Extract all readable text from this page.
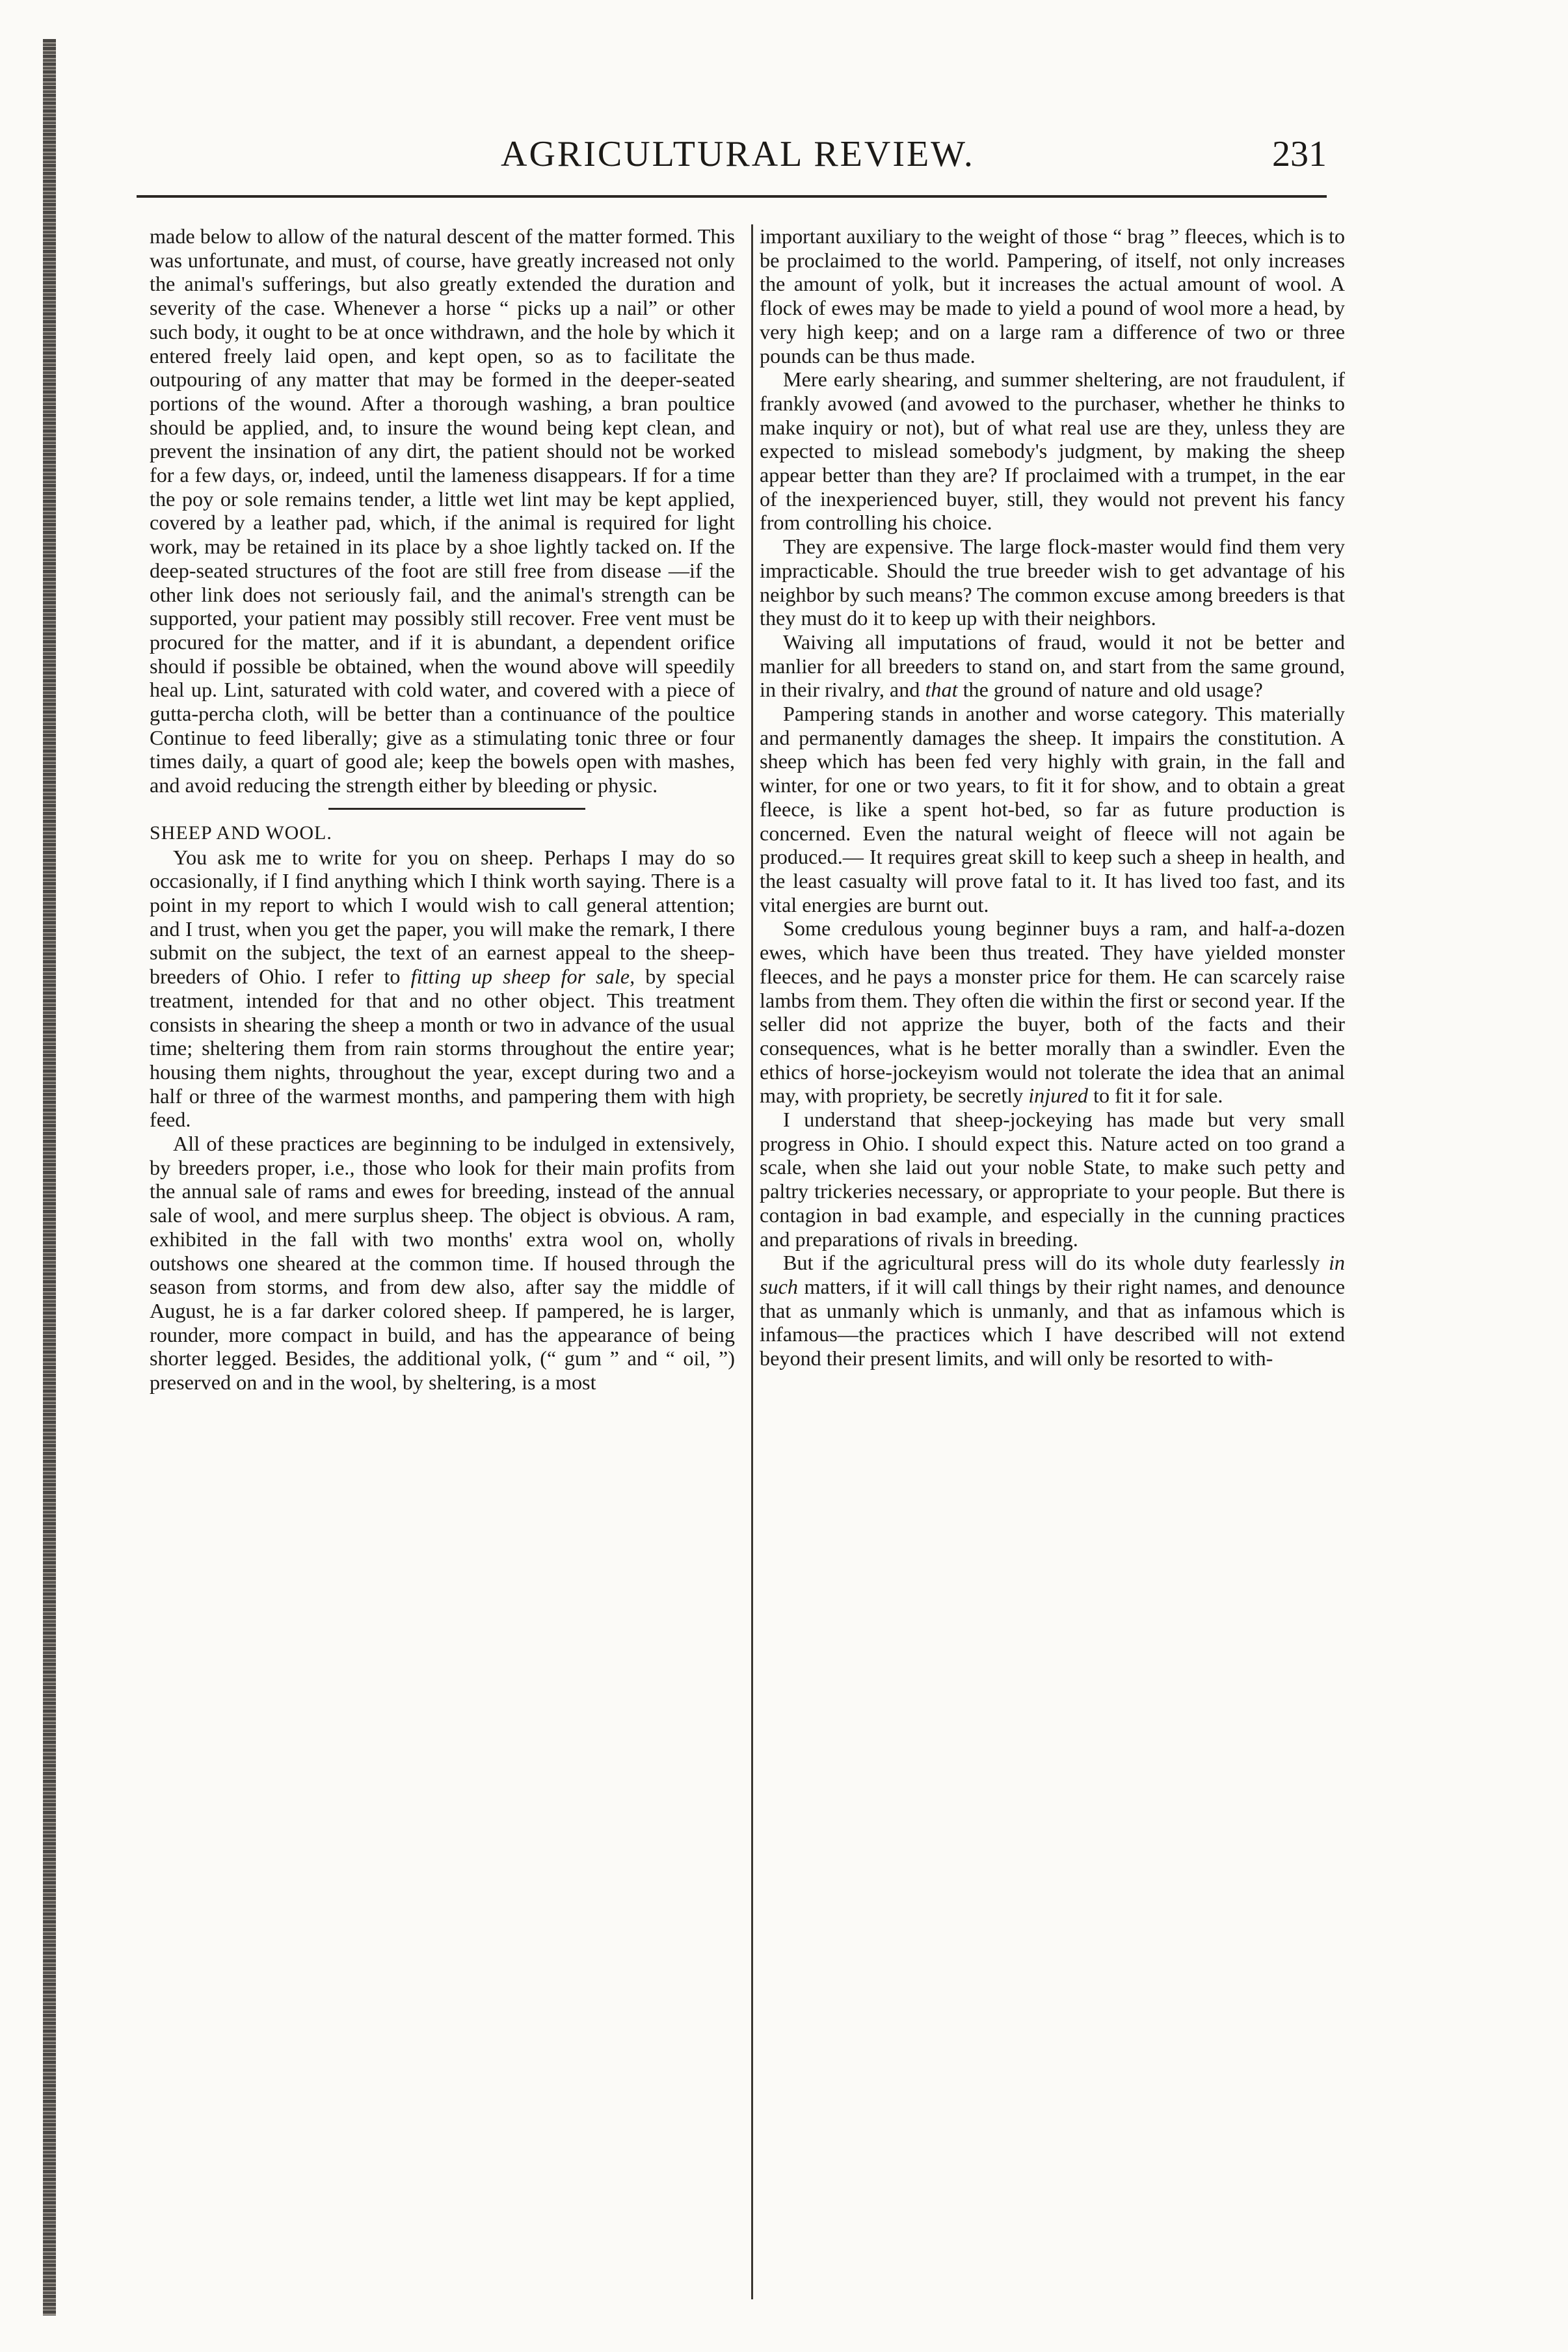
AGRICULTURAL REVIEW.	231

made below to allow of the natural descent of the matter formed. This was unfortunate, and must, of course, have greatly increased not only the animal's sufferings, but also greatly extended the duration and severity of the case. Whenever a horse “ picks up a nail” or other such body, it ought to be at once withdrawn, and the hole by which it entered freely laid open, and kept open, so as to facilitate the outpouring of any matter that may be formed in the deeper-seated portions of the wound. After a thorough washing, a bran poultice should be applied, and, to insure the wound being kept clean, and prevent the insination of any dirt, the patient should not be worked for a few days, or, indeed, until the lameness disappears. If for a time the poy or sole remains tender, a little wet lint may be kept applied, covered by a leather pad, which, if the animal is required for light work, may be retained in its place by a shoe lightly tacked on. If the deep-seated structures of the foot are still free from disease —if the other link does not seriously fail, and the animal's strength can be supported, your patient may possibly still recover. Free vent must be procured for the matter, and if it is abundant, a dependent orifice should if possible be obtained, when the wound above will speedily heal up. Lint, saturated with cold water, and covered with a piece of gutta-percha cloth, will be better than a continuance of the poultice Continue to feed liberally; give as a stimulating tonic three or four times daily, a quart of good ale; keep the bowels open with mashes, and avoid reducing the strength either by bleeding or physic.

SHEEP AND WOOL.

You ask me to write for you on sheep. Perhaps I may do so occasionally, if I find anything which I think worth saying. There is a point in my report to which I would wish to call general attention; and I trust, when you get the paper, you will make the remark, I there submit on the subject, the text of an earnest appeal to the sheep-breeders of Ohio. I refer to fitting up sheep for sale, by special treatment, intended for that and no other object. This treatment consists in shearing the sheep a month or two in advance of the usual time; sheltering them from rain storms throughout the entire year; housing them nights, throughout the year, except during two and a half or three of the warmest months, and pampering them with high feed.

All of these practices are beginning to be indulged in extensively, by breeders proper, i.e., those who look for their main profits from the annual sale of rams and ewes for breeding, instead of the annual sale of wool, and mere surplus sheep. The object is obvious. A ram, exhibited in the fall with two months' extra wool on, wholly outshows one sheared at the common time. If housed through the season from storms, and from dew also, after say the middle of August, he is a far darker colored sheep. If pampered, he is larger, rounder, more compact in build, and has the appearance of being shorter legged. Besides, the additional yolk, (“ gum ” and “ oil, ”) preserved on and in the wool, by sheltering, is a most

important auxiliary to the weight of those “ brag ” fleeces, which is to be proclaimed to the world. Pampering, of itself, not only increases the amount of yolk, but it increases the actual amount of wool. A flock of ewes may be made to yield a pound of wool more a head, by very high keep; and on a large ram a difference of two or three pounds can be thus made.

Mere early shearing, and summer sheltering, are not fraudulent, if frankly avowed (and avowed to the purchaser, whether he thinks to make inquiry or not), but of what real use are they, unless they are expected to mislead somebody's judgment, by making the sheep appear better than they are? If proclaimed with a trumpet, in the ear of the inexperienced buyer, still, they would not prevent his fancy from controlling his choice.

They are expensive. The large flock-master would find them very impracticable. Should the true breeder wish to get advantage of his neighbor by such means? The common excuse among breeders is that they must do it to keep up with their neighbors.

Waiving all imputations of fraud, would it not be better and manlier for all breeders to stand on, and start from the same ground, in their rivalry, and that the ground of nature and old usage?

Pampering stands in another and worse category. This materially and permanently damages the sheep. It impairs the constitution. A sheep which has been fed very highly with grain, in the fall and winter, for one or two years, to fit it for show, and to obtain a great fleece, is like a spent hot-bed, so far as future production is concerned. Even the natural weight of fleece will not again be produced.— It requires great skill to keep such a sheep in health, and the least casualty will prove fatal to it. It has lived too fast, and its vital energies are burnt out.

Some credulous young beginner buys a ram, and half-a-dozen ewes, which have been thus treated. They have yielded monster fleeces, and he pays a monster price for them. He can scarcely raise lambs from them. They often die within the first or second year. If the seller did not apprize the buyer, both of the facts and their consequences, what is he better morally than a swindler. Even the ethics of horse-jockeyism would not tolerate the idea that an animal may, with propriety, be secretly injured to fit it for sale.

I understand that sheep-jockeying has made but very small progress in Ohio. I should expect this. Nature acted on too grand a scale, when she laid out your noble State, to make such petty and paltry trickeries necessary, or appropriate to your people. But there is contagion in bad example, and especially in the cunning practices and preparations of rivals in breeding.

But if the agricultural press will do its whole duty fearlessly in such matters, if it will call things by their right names, and denounce that as unmanly which is unmanly, and that as infamous which is infamous—the practices which I have described will not extend beyond their present limits, and will only be resorted to with-
